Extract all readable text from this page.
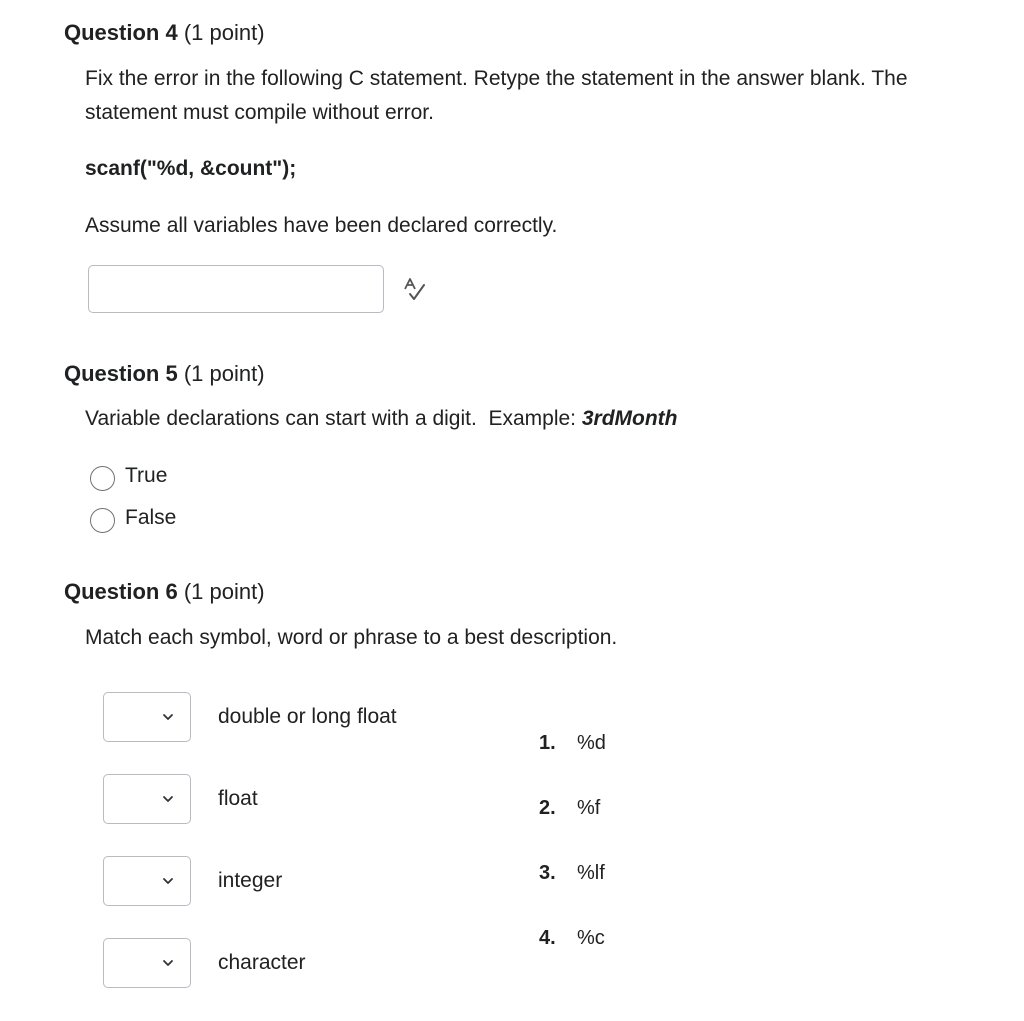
Question 4 (1 point)
Fix the error in the following C statement. Retype the statement in the answer blank. The statement must compile without error.
scanf("%d, &count");
Assume all variables have been declared correctly.
Question 5 (1 point)
Variable declarations can start with a digit.  Example: 3rdMonth
True
False
Question 6 (1 point)
Match each symbol, word or phrase to a best description.
double or long float
float
integer
character
1. %d
2. %f
3. %lf
4. %c
